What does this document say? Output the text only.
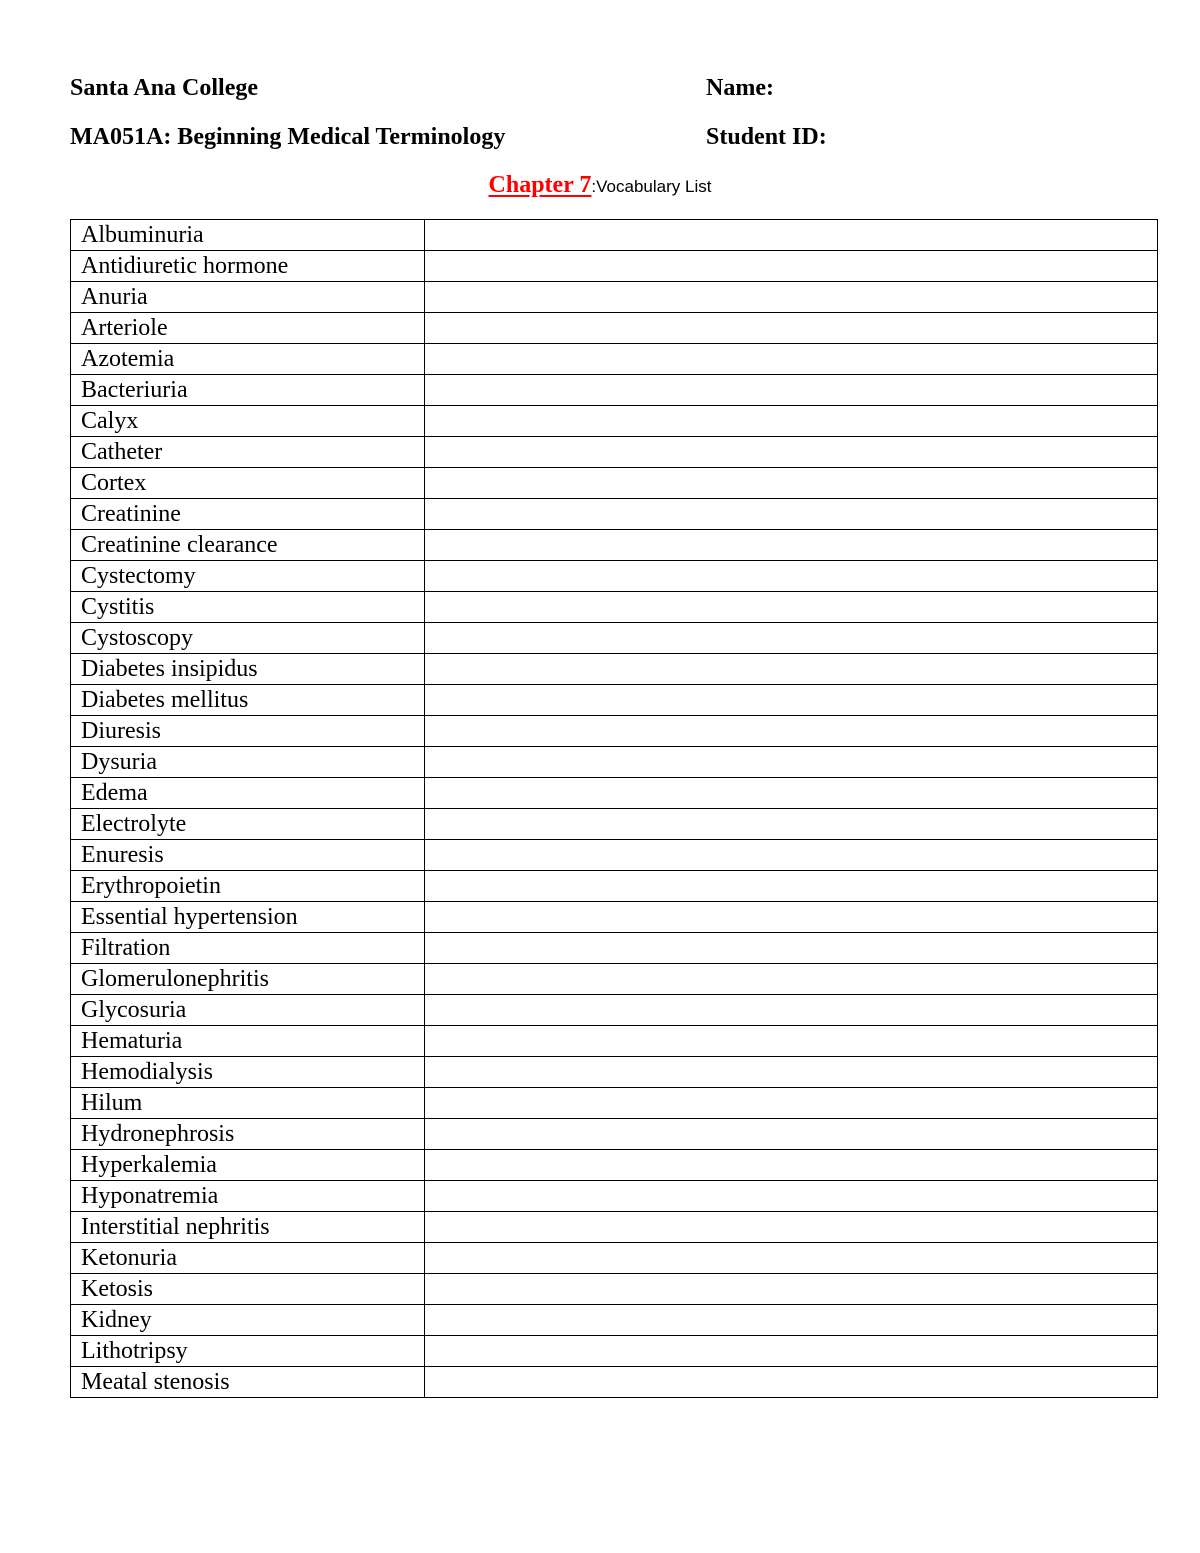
Santa Ana College
MA051A: Beginning Medical Terminology
Name:
Student ID:
Chapter 7:Vocabulary List
Albuminuria	
Antidiuretic hormone	
Anuria	
Arteriole	
Azotemia	
Bacteriuria	
Calyx	
Catheter	
Cortex	
Creatinine	
Creatinine clearance	
Cystectomy	
Cystitis	
Cystoscopy	
Diabetes insipidus	
Diabetes mellitus	
Diuresis	
Dysuria	
Edema	
Electrolyte	
Enuresis	
Erythropoietin	
Essential hypertension	
Filtration	
Glomerulonephritis	
Glycosuria	
Hematuria	
Hemodialysis	
Hilum	
Hydronephrosis	
Hyperkalemia	
Hyponatremia	
Interstitial nephritis	
Ketonuria	
Ketosis	
Kidney	
Lithotripsy	
Meatal stenosis	
